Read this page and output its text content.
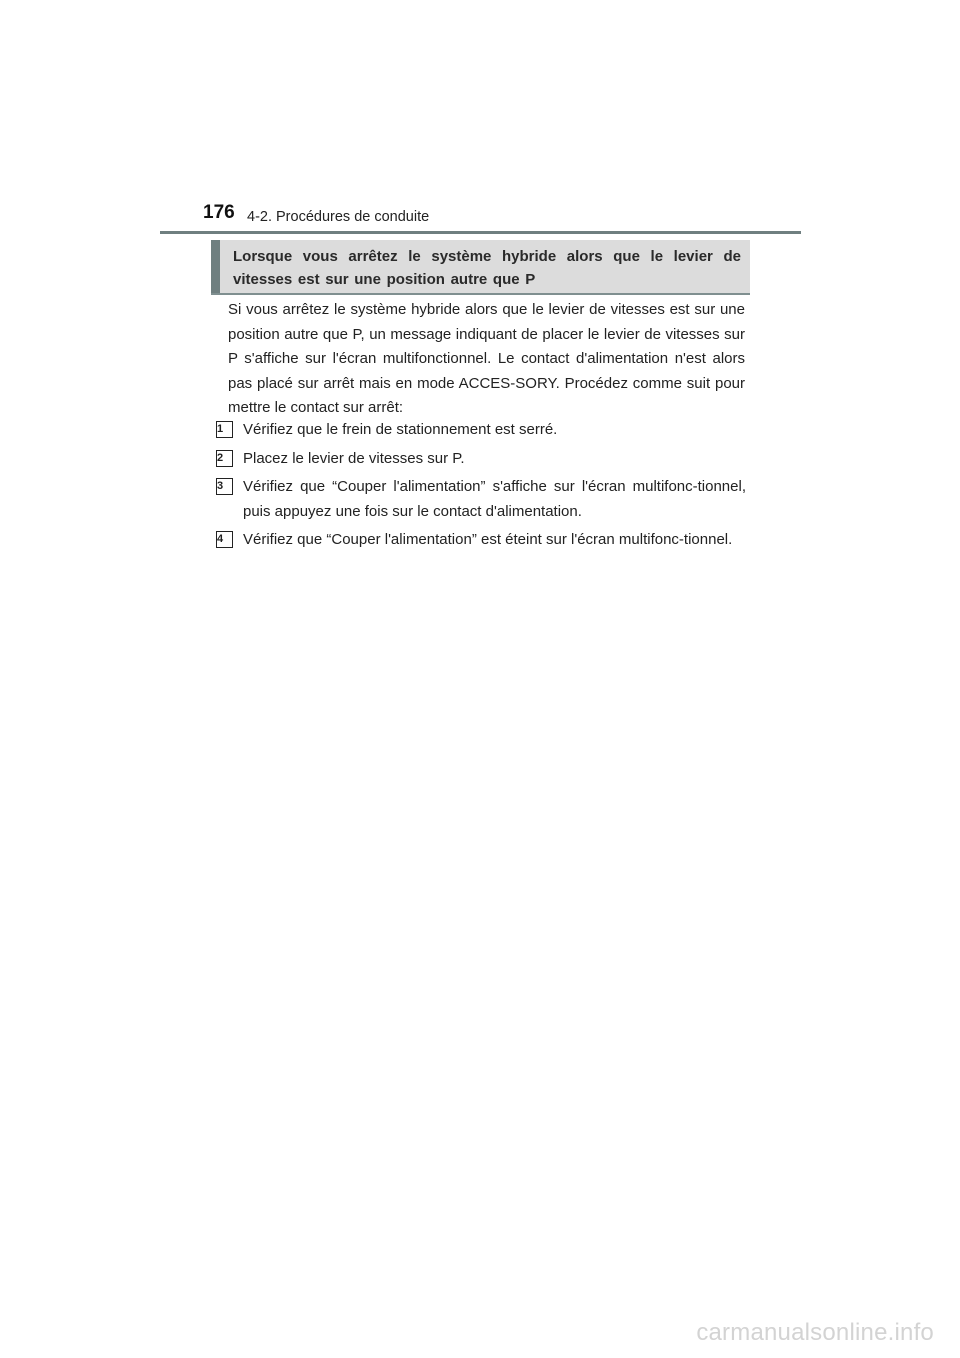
176 4-2. Procédures de conduite
Lorsque vous arrêtez le système hybride alors que le levier de vitesses est sur une position autre que P

Si vous arrêtez le système hybride alors que le levier de vitesses est sur une position autre que P, un message indiquant de placer le levier de vitesses sur P s'affiche sur l'écran multifonctionnel. Le contact d'alimentation n'est alors pas placé sur arrêt mais en mode ACCES-SORY. Procédez comme suit pour mettre le contact sur arrêt:

1	Vérifiez que le frein de stationnement est serré.
2	Placez le levier de vitesses sur P.
3	Vérifiez que “Couper l'alimentation” s'affiche sur l'écran multifonc-tionnel, puis appuyez une fois sur le contact d'alimentation.
4	Vérifiez que “Couper l'alimentation” est éteint sur l'écran multifonc-tionnel.
carmanualsonline.info
